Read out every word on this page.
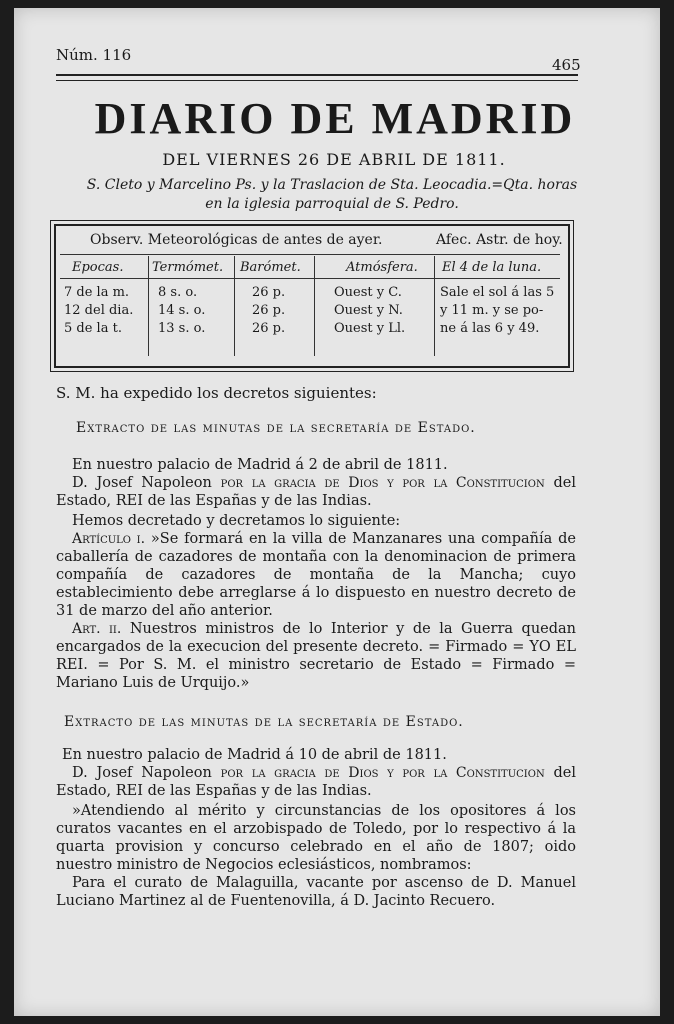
Núm. 116
465

DIARIO DE MADRID
DEL VIERNES 26 DE ABRIL DE 1811.
S. Cleto y Marcelino Ps. y la Traslacion de Sta. Leocadia.=Qta. horas
en la iglesia parroquial de S. Pedro.
Observ. Meteorológicas de antes de ayer.	Afec. Astr. de hoy.
Epocas. Termómet. Barómet.	Atmósfera. El 4 de la luna.
7 de la m.
12 del dia.
5 de la t.
8 s. o.
14 s. o.
13 s. o.
26 p.
26 p.
26 p.
Ouest y C.
Ouest y N.
Ouest y Ll.
Sale el sol á las 5
y 11 m. y se po-
ne á las 6 y 49.
S. M. ha expedido los decretos siguientes:
Extracto de las minutas de la secretaría de Estado.
En nuestro palacio de Madrid á 2 de abril de 1811.
D. Josef Napoleon por la gracia de Dios y por la Constitucion del Estado, REI de las Españas y de las Indias.
Hemos decretado y decretamos lo siguiente:
Artículo i. »Se formará en la villa de Manzanares una compañía de caballería de cazadores de montaña con la denominacion de primera compañía de cazadores de montaña de la Mancha; cuyo establecimiento debe arreglarse á lo dispuesto en nuestro decreto de 31 de marzo del año anterior.
Art. ii. Nuestros ministros de lo Interior y de la Guerra quedan encargados de la execucion del presente decreto. = Firmado = YO EL REI. = Por S. M. el ministro secretario de Estado = Firmado = Mariano Luis de Urquijo.»
Extracto de las minutas de la secretaría de Estado.
En nuestro palacio de Madrid á 10 de abril de 1811.
D. Josef Napoleon por la gracia de Dios y por la Constitucion del Estado, REI de las Españas y de las Indias.
»Atendiendo al mérito y circunstancias de los opositores á los curatos vacantes en el arzobispado de Toledo, por lo respectivo á la quarta provision y concurso celebrado en el año de 1807; oido nuestro ministro de Negocios eclesiásticos, nombramos:
Para el curato de Malaguilla, vacante por ascenso de D. Manuel Luciano Martinez al de Fuentenovilla, á D. Jacinto Recuero.
